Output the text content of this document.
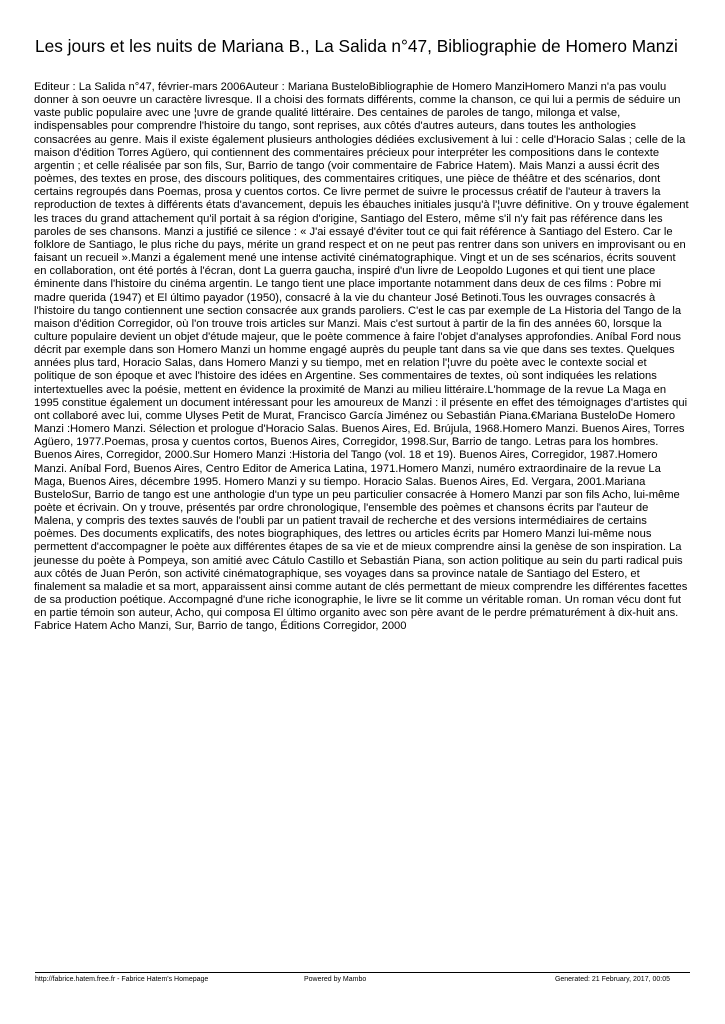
Les jours et les nuits de Mariana B., La Salida n°47, Bibliographie de Homero Manzi

Editeur : La Salida n°47, février-mars 2006Auteur : Mariana BusteloBibliographie de Homero ManziHomero Manzi n'a pas voulu donner à son oeuvre un caractère livresque. Il a choisi des formats différents, comme la chanson, ce qui lui a permis de séduire un vaste public populaire avec une ¦uvre de grande qualité littéraire. Des centaines de paroles de tango, milonga et valse, indispensables pour comprendre l'histoire du tango, sont reprises, aux côtés d'autres auteurs, dans toutes les anthologies consacrées au genre. Mais il existe également plusieurs anthologies dédiées exclusivement à lui : celle d'Horacio Salas ; celle de la maison d'édition Torres Agüero, qui contiennent des commentaires précieux pour interpréter les compositions dans le contexte argentin ; et celle réalisée par son fils, Sur, Barrio de tango (voir commentaire de Fabrice Hatem). Mais Manzi a aussi écrit des poèmes, des textes en prose, des discours politiques, des commentaires critiques, une pièce de théâtre et des scénarios, dont certains regroupés dans Poemas, prosa y cuentos cortos. Ce livre permet de suivre le processus créatif de l'auteur à travers la reproduction de textes à différents états d'avancement, depuis les ébauches initiales jusqu'à l'¦uvre définitive. On y trouve également les traces du grand attachement qu'il portait à sa région d'origine, Santiago del Estero, même s'il n'y fait pas référence dans les paroles de ses chansons. Manzi a justifié ce silence : « J'ai essayé d'éviter tout ce qui fait référence à Santiago del Estero. Car le folklore de Santiago, le plus riche du pays, mérite un grand respect et on ne peut pas rentrer dans son univers en improvisant ou en faisant un recueil ».Manzi a également mené une intense activité cinématographique. Vingt et un de ses scénarios, écrits souvent en collaboration, ont été portés à l'écran, dont La guerra gaucha, inspiré d'un livre de Leopoldo Lugones et qui tient une place éminente dans l'histoire du cinéma argentin. Le tango tient une place importante notamment dans deux de ces films : Pobre mi madre querida (1947) et El último payador (1950), consacré à la vie du chanteur José Betinoti.Tous les ouvrages consacrés à l'histoire du tango contiennent une section consacrée aux grands paroliers. C'est le cas par exemple de La Historia del Tango de la maison d'édition Corregidor, où l'on trouve trois articles sur Manzi. Mais c'est surtout à partir de la fin des années 60, lorsque la culture populaire devient un objet d'étude majeur, que le poète commence à faire l'objet d'analyses approfondies. Aníbal Ford nous décrit par exemple dans son Homero Manzi un homme engagé auprès du peuple tant dans sa vie que dans ses textes. Quelques années plus tard, Horacio Salas, dans Homero Manzi y su tiempo, met en relation l'¦uvre du poète avec le contexte social et politique de son époque et avec l'histoire des idées en Argentine. Ses commentaires de textes, où sont indiquées les relations intertextuelles avec la poésie, mettent en évidence la proximité de Manzi au milieu littéraire.L'hommage de la revue La Maga en 1995 constitue également un document intéressant pour les amoureux de Manzi : il présente en effet des témoignages d'artistes qui ont collaboré avec lui, comme Ulyses Petit de Murat, Francisco García Jiménez ou Sebastián Piana.€Mariana BusteloDe Homero Manzi :Homero Manzi. Sélection et prologue d'Horacio Salas. Buenos Aires, Ed. Brújula, 1968.Homero Manzi. Buenos Aires, Torres Agüero, 1977.Poemas, prosa y cuentos cortos, Buenos Aires, Corregidor, 1998.Sur, Barrio de tango. Letras para los hombres. Buenos Aires, Corregidor, 2000.Sur Homero Manzi :Historia del Tango (vol. 18 et 19). Buenos Aires, Corregidor, 1987.Homero Manzi. Aníbal Ford, Buenos Aires, Centro Editor de America Latina, 1971.Homero Manzi, numéro extraordinaire de la revue La Maga, Buenos Aires, décembre 1995. Homero Manzi y su tiempo. Horacio Salas. Buenos Aires, Ed. Vergara, 2001.Mariana BusteloSur, Barrio de tango est une anthologie d'un type un peu particulier consacrée à Homero Manzi par son fils Acho, lui-même poète et écrivain. On y trouve, présentés par ordre chronologique, l'ensemble des poèmes et chansons écrits par l'auteur de Malena, y compris des textes sauvés de l'oubli par un patient travail de recherche et des versions intermédiaires de certains poèmes. Des documents explicatifs, des notes biographiques, des lettres ou articles écrits par Homero Manzi lui-même nous permettent d'accompagner le poète aux différentes étapes de sa vie et de mieux comprendre ainsi la genèse de son inspiration. La jeunesse du poète à Pompeya, son amitié avec Cátulo Castillo et Sebastián Piana, son action politique au sein du parti radical puis aux côtés de Juan Perón, son activité cinématographique, ses voyages dans sa province natale de Santiago del Estero, et finalement sa maladie et sa mort, apparaissent ainsi comme autant de clés permettant de mieux comprendre les différentes facettes de sa production poétique. Accompagné d'une riche iconographie, le livre se lit comme un véritable roman. Un roman vécu dont fut en partie témoin son auteur, Acho, qui composa El último organito avec son père avant de le perdre prématurément à dix-huit ans. Fabrice Hatem Acho Manzi, Sur, Barrio de tango, Éditions Corregidor, 2000

http://fabrice.hatem.free.fr - Fabrice Hatem's Homepage	Powered by Mambo	Generated: 21 February, 2017, 00:05
